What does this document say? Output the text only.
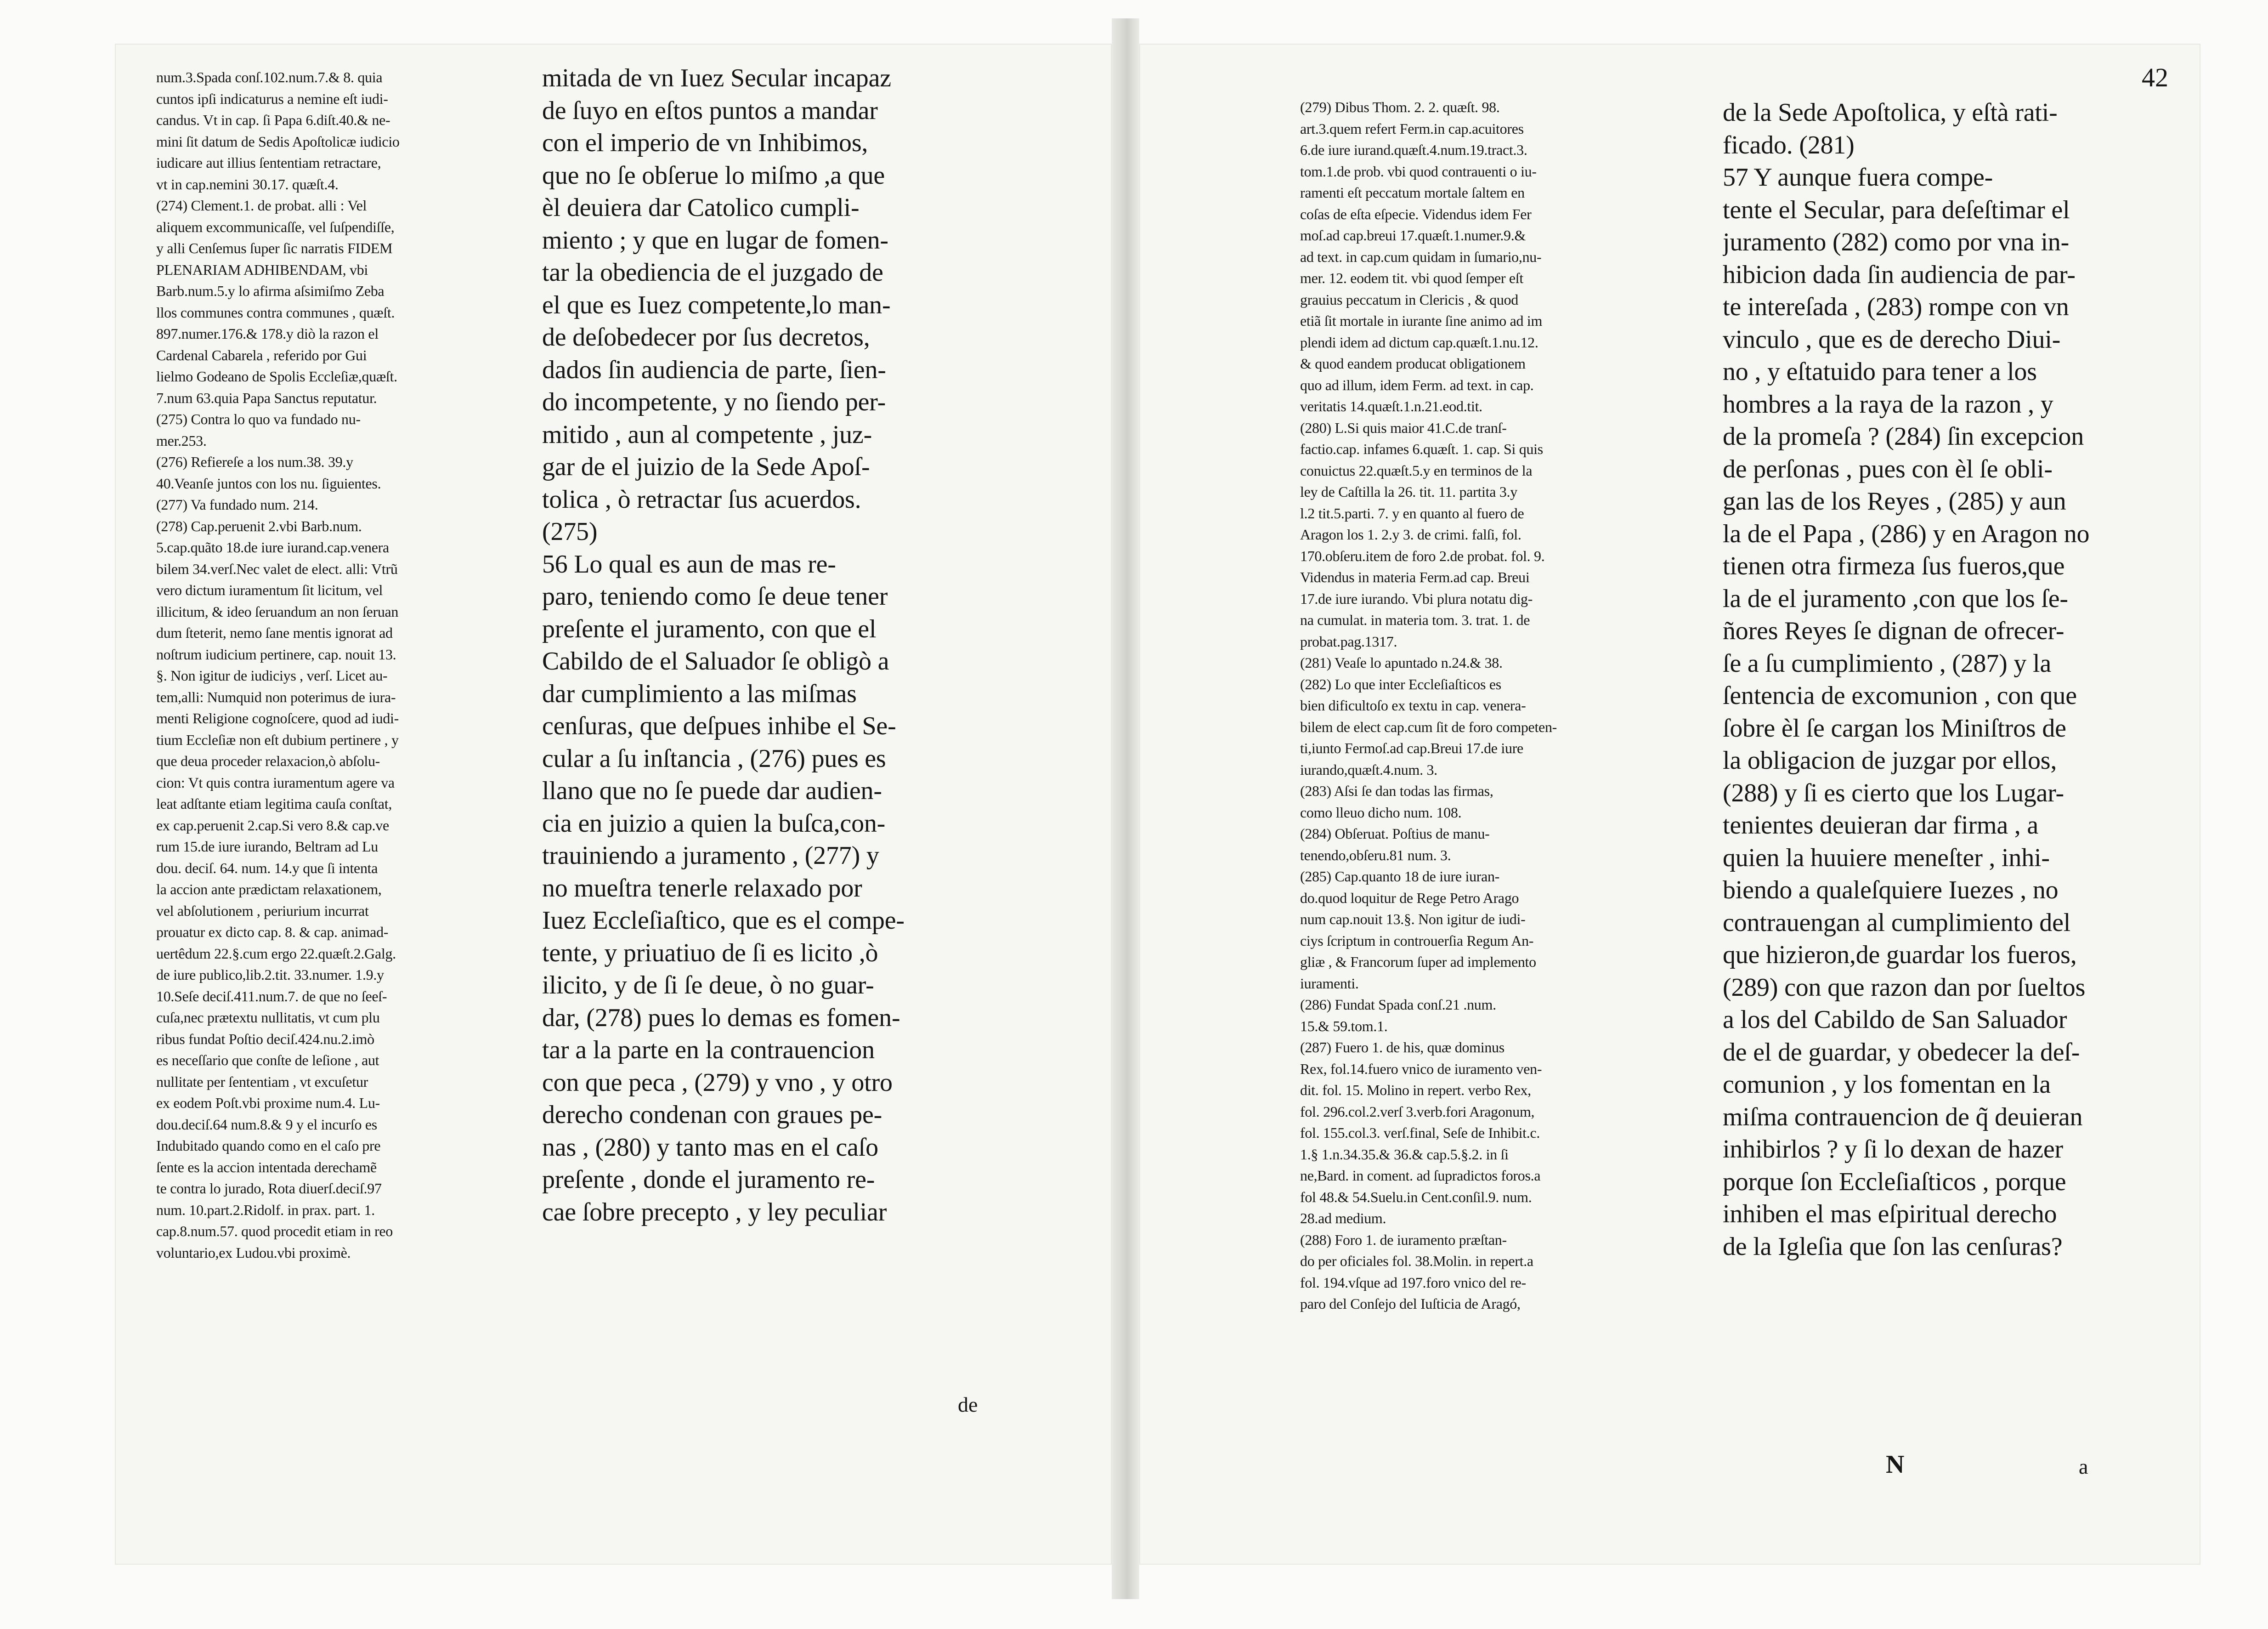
num.3.Spada conſ.102.num.7.& 8. quia
cuntos ipſi indicaturus a nemine eſt iudi-
candus. Vt in cap. ſi Papa 6.diſt.40.& ne-
mini ſit datum de Sedis Apoſtolicæ iudicio
iudicare aut illius ſententiam retractare,
vt in cap.nemini 30.17. quæſt.4.
(274) Clement.1. de probat. alli : Vel
aliquem excommunicaſſe, vel ſuſpendiſſe,
y alli Cenſemus ſuper ſic narratis FIDEM
PLENARIAM ADHIBENDAM, vbi
Barb.num.5.y lo afirma aſsimiſmo Zeba
llos communes contra communes , quæſt.
897.numer.176.& 178.y diò la razon el
Cardenal Cabarela , referido por Gui
lielmo Godeano de Spolis Eccleſiæ,quæſt.
7.num 63.quia Papa Sanctus reputatur.
(275) Contra lo quo va fundado nu-
mer.253.
(276) Refiereſe a los num.38. 39.y
40.Veanſe juntos con los nu. ſiguientes.
(277) Va fundado num. 214.
(278) Cap.peruenit 2.vbi Barb.num.
5.cap.quãto 18.de iure iurand.cap.venera
bilem 34.verſ.Nec valet de elect. alli: Vtrũ
vero dictum iuramentum ſit licitum, vel
illicitum, & ideo ſeruandum an non ſeruan
dum ſteterit, nemo ſane mentis ignorat ad
noſtrum iudicium pertinere, cap. nouit 13.
§. Non igitur de iudiciys , verſ. Licet au-
tem,alli: Numquid non poterimus de iura-
menti Religione cognoſcere, quod ad iudi-
tium Eccleſiæ non eſt dubium pertinere , y
que deua proceder relaxacion,ò abſolu-
cion: Vt quis contra iuramentum agere va
leat adſtante etiam legitima cauſa conſtat,
ex cap.peruenit 2.cap.Si vero 8.& cap.ve
rum 15.de iure iurando, Beltram ad Lu
dou. deciſ. 64. num. 14.y que ſi intenta
la accion ante prædictam relaxationem,
vel abſolutionem , periurium incurrat
prouatur ex dicto cap. 8. & cap. animad-
uertêdum 22.§.cum ergo 22.quæſt.2.Galg.
de iure publico,lib.2.tit. 33.numer. 1.9.y
10.Seſe deciſ.411.num.7. de que no ſeeſ-
cuſa,nec prætextu nullitatis, vt cum plu
ribus fundat Poſtio deciſ.424.nu.2.imò
es neceſſario que conſte de leſione , aut
nullitate per ſententiam , vt excuſetur
ex eodem Poſt.vbi proxime num.4. Lu-
dou.deciſ.64 num.8.& 9 y el incurſo es
Indubitado quando como en el caſo pre
ſente es la accion intentada derechamẽ
te contra lo jurado, Rota diuerſ.deciſ.97
num. 10.part.2.Ridolf. in prax. part. 1.
cap.8.num.57. quod procedit etiam in reo
voluntario,ex Ludou.vbi proximè.
mitada de vn Iuez Secular incapaz
de ſuyo en eſtos puntos a mandar
con el imperio de vn Inhibimos,
que no ſe obſerue lo miſmo ,a que
èl deuiera dar Catolico cumpli-
miento ; y que en lugar de fomen-
tar la obediencia de el juzgado de
el que es Iuez competente,lo man-
de deſobedecer por ſus decretos,
dados ſin audiencia de parte, ſien-
do incompetente, y no ſiendo per-
mitido , aun al competente , juz-
gar de el juizio de la Sede Apoſ-
tolica , ò retractar ſus acuerdos.
(275)
56 Lo qual es aun de mas re-
paro, teniendo como ſe deue tener
preſente el juramento, con que el
Cabildo de el Saluador ſe obligò a
dar cumplimiento a las miſmas
cenſuras, que deſpues inhibe el Se-
cular a ſu inſtancia , (276) pues es
llano que no ſe puede dar audien-
cia en juizio a quien la buſca,con-
trauiniendo a juramento , (277) y
no mueſtra tenerle relaxado por
Iuez Eccleſiaſtico, que es el compe-
tente, y priuatiuo de ſi es licito ,ò
ilicito, y de ſi ſe deue, ò no guar-
dar, (278) pues lo demas es fomen-
tar a la parte en la contrauencion
con que peca , (279) y vno , y otro
derecho condenan con graues pe-
nas , (280) y tanto mas en el caſo
preſente , donde el juramento re-
cae ſobre precepto , y ley peculiar
de
42
(279) Dibus Thom. 2. 2. quæſt. 98.
art.3.quem refert Ferm.in cap.acuitores
6.de iure iurand.quæſt.4.num.19.tract.3.
tom.1.de prob. vbi quod contrauenti o iu-
ramenti eſt peccatum mortale ſaltem en
coſas de eſta eſpecie. Videndus idem Fer
moſ.ad cap.breui 17.quæſt.1.numer.9.&
ad text. in cap.cum quidam in ſumario,nu-
mer. 12. eodem tit. vbi quod ſemper eſt
grauius peccatum in Clericis , & quod
etiã ſit mortale in iurante ſine animo ad im
plendi idem ad dictum cap.quæſt.1.nu.12.
& quod eandem producat obligationem
quo ad illum, idem Ferm. ad text. in cap.
veritatis 14.quæſt.1.n.21.eod.tit.
(280) L.Si quis maior 41.C.de tranſ-
factio.cap. infames 6.quæſt. 1. cap. Si quis
conuictus 22.quæſt.5.y en terminos de la
ley de Caſtilla la 26. tit. 11. partita 3.y
l.2 tit.5.parti. 7. y en quanto al fuero de
Aragon los 1. 2.y 3. de crimi. falſi, fol.
170.obſeru.item de foro 2.de probat. fol. 9.
Videndus in materia Ferm.ad cap. Breui
17.de iure iurando. Vbi plura notatu dig-
na cumulat. in materia tom. 3. trat. 1. de
probat.pag.1317.
(281) Veaſe lo apuntado n.24.& 38.
(282) Lo que inter Eccleſiaſticos es
bien dificultoſo ex textu in cap. venera-
bilem de elect cap.cum ſit de foro competen-
ti,iunto Fermoſ.ad cap.Breui 17.de iure
iurando,quæſt.4.num. 3.
(283) Aſsi ſe dan todas las firmas,
como lleuo dicho num. 108.
(284) Obſeruat. Poſtius de manu-
tenendo,obſeru.81 num. 3.
(285) Cap.quanto 18 de iure iuran-
do.quod loquitur de Rege Petro Arago
num cap.nouit 13.§. Non igitur de iudi-
ciys ſcriptum in controuerſia Regum An-
gliæ , & Francorum ſuper ad implemento
iuramenti.
(286) Fundat Spada conſ.21 .num.
15.& 59.tom.1.
(287) Fuero 1. de his, quæ dominus
Rex, fol.14.fuero vnico de iuramento ven-
dit. fol. 15. Molino in repert. verbo Rex,
fol. 296.col.2.verſ 3.verb.fori Aragonum,
fol. 155.col.3. verſ.final, Seſe de Inhibit.c.
1.§ 1.n.34.35.& 36.& cap.5.§.2. in ſi
ne,Bard. in coment. ad ſupradictos foros.a
fol 48.& 54.Suelu.in Cent.conſil.9. num.
28.ad medium.
(288) Foro 1. de iuramento præſtan-
do per oficiales fol. 38.Molin. in repert.a
fol. 194.vſque ad 197.foro vnico del re-
paro del Conſejo del Iuſticia de Aragó,
de la Sede Apoſtolica, y eſtà rati-
ficado. (281)
57 Y aunque fuera compe-
tente el Secular, para deſeſtimar el
juramento (282) como por vna in-
hibicion dada ſin audiencia de par-
te intereſada , (283) rompe con vn
vinculo , que es de derecho Diui-
no , y eſtatuido para tener a los
hombres a la raya de la razon , y
de la promeſa ? (284) ſin excepcion
de perſonas , pues con èl ſe obli-
gan las de los Reyes , (285) y aun
la de el Papa , (286) y en Aragon no
tienen otra firmeza ſus fueros,que
la de el juramento ,con que los ſe-
ñores Reyes ſe dignan de ofrecer-
ſe a ſu cumplimiento , (287) y la
ſentencia de excomunion , con que
ſobre èl ſe cargan los Miniſtros de
la obligacion de juzgar por ellos,
(288) y ſi es cierto que los Lugar-
tenientes deuieran dar firma , a
quien la huuiere meneſter , inhi-
biendo a qualeſquiere Iuezes , no
contrauengan al cumplimiento del
que hizieron,de guardar los fueros,
(289) con que razon dan por ſueltos
a los del Cabildo de San Saluador
de el de guardar, y obedecer la deſ-
comunion , y los fomentan en la
miſma contrauencion de q̃ deuieran
inhibirlos ? y ſi lo dexan de hazer
porque ſon Eccleſiaſticos , porque
inhiben el mas eſpiritual derecho
de la Igleſia que ſon las cenſuras?
N	a
